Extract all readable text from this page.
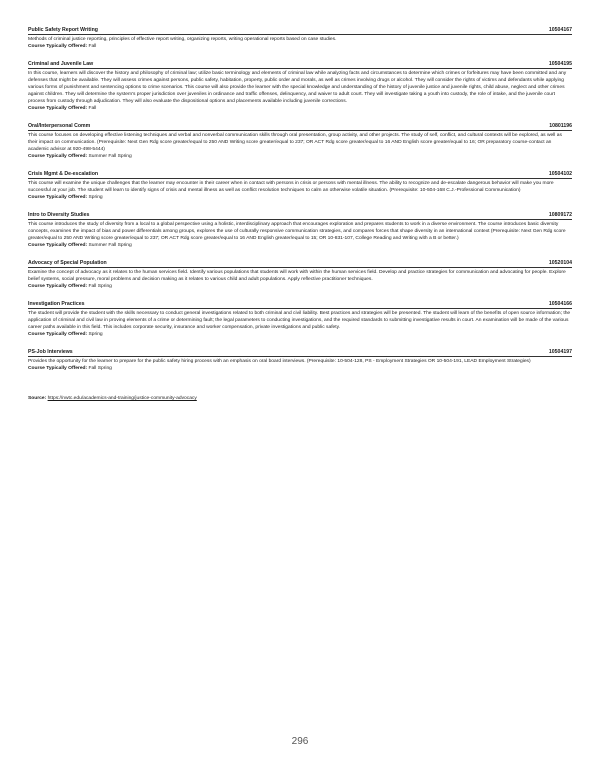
Public Safety Report Writing	10504167
Methods of criminal justice reporting, principles of effective report writing, organizing reports, writing operational reports based on case studies.
Course Typically Offered: Fall
Criminal and Juvenile Law	10504195
In this course, learners will discover the history and philosophy of criminal law; utilize basic terminology and elements of criminal law while analyzing facts and circumstances to determine which crimes or forfeitures may have been committed and any defenses that might be available. They will assess crimes against persons, public safety, habitation, property, public order and morals, as well as crimes involving drugs or alcohol. They will consider the rights of victims and defendants while applying various forms of punishment and sentencing options to crime scenarios. This course will also provide the learner with the special knowledge and understanding of the history of juvenile justice and juvenile rights, child abuse, neglect and other crimes against children. They will determine the system's proper jurisdiction over juveniles in ordinance and traffic offenses, delinquency, and waiver to adult court. They will investigate taking a youth into custody, the role of intake, and the juvenile court process from custody through adjudication. They will also evaluate the dispositional options and placements available including juvenile corrections.
Course Typically Offered: Fall
Oral/Interpersonal Comm	10801196
This course focuses on developing effective listening techniques and verbal and nonverbal communication skills through oral presentation, group activity, and other projects. The study of self, conflict, and cultural contexts will be explored, as well as their impact on communication. (Prerequisite: Next Gen Rdg score greater/equal to 250 AND Writing score greater/equal to 237; OR ACT Rdg score greater/equal to 16 AND English score greater/equal to 16; OR preparatory course-contact an academic advisor at 920-498-5444)
Course Typically Offered: Summer Fall Spring
Crisis Mgmt & De-escalation	10504102
This course will examine the unique challenges that the learner may encounter in their career when in contact with persons in crisis or persons with mental illness. The ability to recognize and de-escalate dangerous behavior will make you more successful at your job. The student will learn to identify signs of crisis and mental illness as well as conflict resolution techniques to calm an otherwise volatile situation. (Prerequisite: 10-504-168 C.J.-Professional Communication)
Course Typically Offered: Spring
Intro to Diversity Studies	10809172
This course introduces the study of diversity from a local to a global perspective using a holistic, interdisciplinary approach that encourages exploration and prepares students to work in a diverse environment. The course introduces basic diversity concepts, examines the impact of bias and power differentials among groups, explores the use of culturally responsive communication strategies, and compares forces that shape diversity in an international context (Prerequisite: Next Gen Rdg score greater/equal to 250 AND Writing score greater/equal to 237; OR ACT Rdg score greater/equal to 16 AND English greater/equal to 15; OR 10-831-107, College Reading and Writing with a B or better.)
Course Typically Offered: Summer Fall Spring
Advocacy of Special Population	10520104
Examine the concept of advocacy as it relates to the human services field. Identify various populations that students will work with within the human services field. Develop and practice strategies for communication and advocating for people. Explore belief systems, social pressure, moral problems and decision making as it relates to various child and adult populations. Apply reflective practitioner techniques.
Course Typically Offered: Fall Spring
Investigation Practices	10504166
The student will provide the student with the skills necessary to conduct general investigations related to both criminal and civil liability. Best practices and strategies will be presented. The student will learn of the benefits of open source information; the application of criminal and civil law in proving elements of a crime or determining fault; the legal parameters to conducting investigations, and the required standards to submitting investigative results in court. An examination will be made of the various career paths available in this field. This includes corporate security, insurance and worker compensation, private investigations and public safety.
Course Typically Offered: Spring
PS-Job Interviews	10504197
Provides the opportunity for the learner to prepare for the public safety hiring process with an emphasis on oral board interviews. (Prerequisite: 10-504-128, PS - Employment Strategies OR 10-504-191, LEAD Employment Strategies)
Course Typically Offered: Fall Spring
Source: https://nwtc.edu/academics-and-training/justice-community-advocacy
296
